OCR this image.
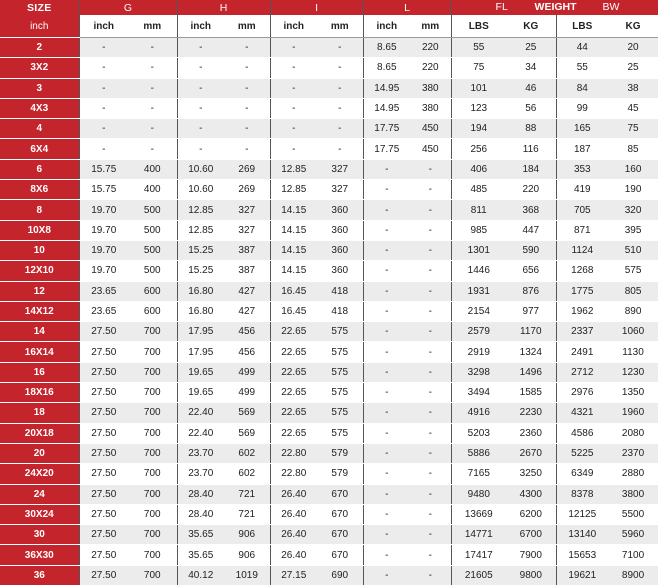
SIZE	G		H		I		L		FL WEIGHT BW			

inch	inch	mm	inch	mm	inch	mm	inch	mm	LBS	KG	LBS	KG
2	-	-	-	-	-	-	8.65	220	55	25	44	20
3X2	-	-	-	-	-	-	8.65	220	75	34	55	25
3	-	-	-	-	-	-	14.95	380	101	46	84	38
4X3	-	-	-	-	-	-	14.95	380	123	56	99	45
4	-	-	-	-	-	-	17.75	450	194	88	165	75
6X4	-	-	-	-	-	-	17.75	450	256	116	187	85
6	15.75	400	10.60	269	12.85	327	-	-	406	184	353	160
8X6	15.75	400	10.60	269	12.85	327	-	-	485	220	419	190
8	19.70	500	12.85	327	14.15	360	-	-	811	368	705	320
10X8	19.70	500	12.85	327	14.15	360	-	-	985	447	871	395
10	19.70	500	15.25	387	14.15	360	-	-	1301	590	1124	510
12X10	19.70	500	15.25	387	14.15	360	-	-	1446	656	1268	575
12	23.65	600	16.80	427	16.45	418	-	-	1931	876	1775	805
14X12	23.65	600	16.80	427	16.45	418	-	-	2154	977	1962	890
14	27.50	700	17.95	456	22.65	575	-	-	2579	1170	2337	1060
16X14	27.50	700	17.95	456	22.65	575	-	-	2919	1324	2491	1130
16	27.50	700	19.65	499	22.65	575	-	-	3298	1496	2712	1230
18X16	27.50	700	19.65	499	22.65	575	-	-	3494	1585	2976	1350
18	27.50	700	22.40	569	22.65	575	-	-	4916	2230	4321	1960
20X18	27.50	700	22.40	569	22.65	575	-	-	5203	2360	4586	2080
20	27.50	700	23.70	602	22.80	579	-	-	5886	2670	5225	2370
24X20	27.50	700	23.70	602	22.80	579	-	-	7165	3250	6349	2880
24	27.50	700	28.40	721	26.40	670	-	-	9480	4300	8378	3800
30X24	27.50	700	28.40	721	26.40	670	-	-	13669	6200	12125	5500
30	27.50	700	35.65	906	26.40	670	-	-	14771	6700	13140	5960
36X30	27.50	700	35.65	906	26.40	670	-	-	17417	7900	15653	7100
36	27.50	700	40.12	1019	27.15	690	-	-	21605	9800	19621	8900
